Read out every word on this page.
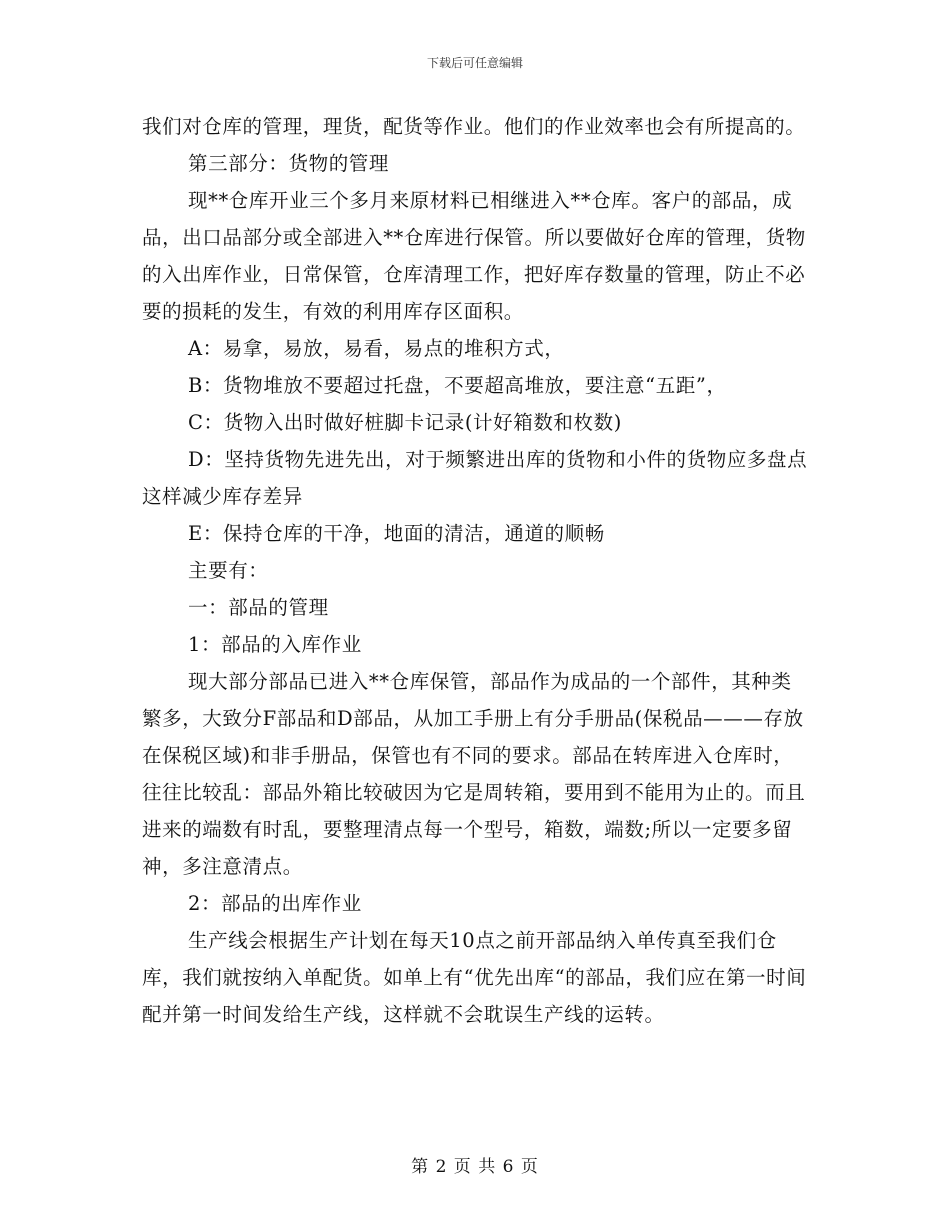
下载后可任意编辑

我们对仓库的管理，理货，配货等作业。他们的作业效率也会有所提高的。

第三部分：货物的管理

现**仓库开业三个多月来原材料已相继进入**仓库。客户的部品，成品，出口品部分或全部进入**仓库进行保管。所以要做好仓库的管理，货物的入出库作业，日常保管，仓库清理工作，把好库存数量的管理，防止不必要的损耗的发生，有效的利用库存区面积。

A：易拿，易放，易看，易点的堆积方式，

B：货物堆放不要超过托盘，不要超高堆放，要注意“五距”，

C：货物入出时做好桩脚卡记录(计好箱数和枚数)

D：坚持货物先进先出，对于频繁进出库的货物和小件的货物应多盘点这样减少库存差异

E：保持仓库的干净，地面的清洁，通道的顺畅

主要有：

一：部品的管理

1：部品的入库作业

现大部分部品已进入**仓库保管，部品作为成品的一个部件，其种类繁多，大致分F部品和D部品，从加工手册上有分手册品(保税品———存放在保税区域)和非手册品，保管也有不同的要求。部品在转库进入仓库时，往往比较乱：部品外箱比较破因为它是周转箱，要用到不能用为止的。而且进来的端数有时乱，要整理清点每一个型号，箱数，端数;所以一定要多留神，多注意清点。

2：部品的出库作业

生产线会根据生产计划在每天10点之前开部品纳入单传真至我们仓库，我们就按纳入单配货。如单上有“优先出库“的部品，我们应在第一时间配并第一时间发给生产线，这样就不会耽误生产线的运转。

第 2 页 共 6 页
